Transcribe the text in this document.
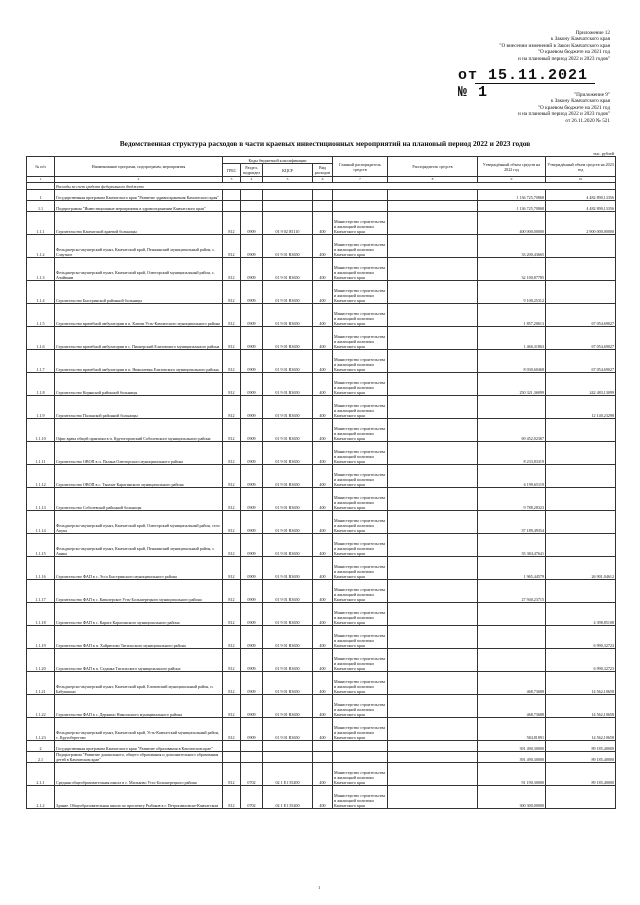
Приложение 12
к Закону Камчатского края
"О внесении изменений в Закон Камчатского края
"О краевом бюджете на 2021 год
и на плановый период 2022 и 2023 годов"
от 15.11.2021 № 1	"Приложение 9"
к Закону Камчатского края
"О краевом бюджете на 2021 год
и на плановый период 2022 и 2023 годов"
от 26.11.2020 № 521
Ведомственная структура расходов в части краевых инвестиционных мероприятий на плановый период 2022 и 2023 годов
тыс. рублей
№ п/п	Наименование программ, подпрограмм, мероприятия	Коды бюджетной классификации				Главный распорядитель средств	Распорядитель средств	Утверждённый объем средств на 2022 год	Утверждённый объем средств на 2023 год
		ГРБС	Раздел, подраздел	КЦСР	Вид расходов				
1	2	3	4	5	6	7	8	9	10
	Расходы за счет средств федерального бюджета								
1	Государственная программа Камчатского края "Развитие здравоохранения Камчатского края"							1 136 725,70868	4 482 890,13356
1.1	Подпрограмма "Инвестиционные мероприятия в здравоохранении Камчатского края"							1 136 725,70868	4 482 890,13356
1.1.1	Строительство Камчатской краевой больницы	812	0909	01 9 02 Я1110	400	Министерство строительства и жилищной политики Камчатского края		400 000,00000	2 900 000,00000
1.1.2	Фельдшерско-акушерский пункт, Камчатский край, Пенжинский муниципальный район, с. Слаутное	812	0909	01 9 01 R3650	400	Министерство строительства и жилищной политики Камчатского края		33 200,43665	
1.1.3	Фельдшерско-акушерский пункт, Камчатский край, Олюторский муниципальный район, с. Ачайваям	812	0909	01 9 01 R3650	400	Министерство строительства и жилищной политики Камчатского края		32 100,87785	
1.1.4	Строительство Быстринской районной больницы	812	0909	01 9 01 R3650	400	Министерство строительства и жилищной политики Камчатского края		9 100,25312	
1.1.5	Строительство врачебной амбулатории в п. Ключи Усть-Камчатского муниципального района	812	0909	01 9 01 R3650	400	Министерство строительства и жилищной политики Камчатского края		1 857,20613	67 054,69027
1.1.6	Строительство врачебной амбулатории в с. Пионерский Елизовского муниципального района	812	0909	01 9 01 R3650	400	Министерство строительства и жилищной политики Камчатского края		1 466,31863	67 054,69027
1.1.7	Строительство врачебной амбулатории в п. Николаевка Елизовского муниципального района	812	0909	01 9 01 R3650	400	Министерство строительства и жилищной политики Камчатского края		8 030,60468	67 054,69027
1.1.8	Строительство Корякской районной больницы	812	0909	01 9 01 R3650	400	Министерство строительства и жилищной политики Камчатского края		250 321,36099	242 483,13099
1.1.9	Строительство Паланской районной больницы	812	0909	01 9 01 R3650	400	Министерство строительства и жилищной политики Камчатского края			12 140,23298
1.1.10	Офис врача общей практики в п. Крутогоровский Соболевского муниципального района	812	0909	01 9 01 R3650	400	Министерство строительства и жилищной политики Камчатского края		69 452,02367	
1.1.11	Строительство ОВОП в п. Палана Олюторского муниципального района	812	0909	01 9 01 R3650	400	Министерство строительства и жилищной политики Камчатского края		8 233,83319	
1.1.12	Строительство ОВОП в с. Тымлат Карагинского муниципального района	812	0909	01 9 01 R3650	400	Министерство строительства и жилищной политики Камчатского края		6 199,65119	
1.1.13	Строительство Соболевской районной больницы	812	0909	01 9 01 R3650	400	Министерство строительства и жилищной политики Камчатского края		9 788,28323	
1.1.14	Фельдшерско-акушерский пункт, Камчатский край, Олюторский муниципальный район, село Апука	812	0909	01 9 01 R3650	400	Министерство строительства и жилищной политики Камчатского края		37 189,49354	
1.1.15	Фельдшерско-акушерский пункт, Камчатский край, Пенжинский муниципальный район, с. Аянка	812	0909	01 9 01 R3650	400	Министерство строительства и жилищной политики Камчатского края		35 384,47641	
1.1.16	Строительство ФАП в с. Эссо Быстринского муниципального района	812	0909	01 9 01 R3650	400	Министерство строительства и жилищной политики Камчатского края		1 965,44579	26 901,04612
1.1.17	Строительство ФАП в с. Кавалерское Усть-Большерецкого муниципального района	812	0909	01 9 01 R3650	400	Министерство строительства и жилищной политики Камчатского края		27 940,23715	
1.1.18	Строительство ФАП в с. Карага Карагинского муниципального района	812	0909	01 9 01 R3650	400	Министерство строительства и жилищной политики Камчатского края			4 398,85108
1.1.19	Строительство ФАП в п. Хайрюзово Тигильского муниципального района	812	0909	01 9 01 R3650	400	Министерство строительства и жилищной политики Камчатского края			6 990,32723
1.1.20	Строительство ФАП в п. Седанка Тигильского муниципального района	812	0909	01 9 01 R3650	400	Министерство строительства и жилищной политики Камчатского края			6 990,32723
1.1.21	Фельдшерско-акушерский пункт, Камчатский край, Елизовский муниципальный район, п. Бабушкино	812	0909	01 9 01 R3650	400	Министерство строительства и жилищной политики Камчатского края		468,73688	14 562,10658
1.1.22	Строительство ФАП в с. Держино Никольского муниципального района	812	0909	01 9 01 R3650	400	Министерство строительства и жилищной политики Камчатского края		468,73688	14 562,10658
1.1.23	Фельдшерско-акушерский пункт, Камчатский край, Усть-Камчатский муниципальный район, с. Крутоберегово	812	0909	01 9 01 R3650	400	Министерство строительства и жилищной политики Камчатского края		584,81891	14 562,10658
2	Государственная программа Камчатского края "Развитие образования в Камчатском крае"							391 490,30000	89 185,40000
2.1	Подпрограмма "Развитие дошкольного, общего образования и дополнительного образования детей в Камчатском крае"							391 490,30000	89 185,40000
2.1.1	Средняя общеобразовательная школа в с. Мильково Усть-Большерецкого района	812	0702	02 1 E1 55200	400	Министерство строительства и жилищной политики Камчатского края		91 190,30000	89 185,40000
2.1.2	Здание. Общеобразовательная школа по проспекту Рыбаков в г. Петропавловске-Камчатском	812	0702	02 1 E1 55200	400	Министерство строительства и жилищной политики Камчатского края		300 300,00000	
1
